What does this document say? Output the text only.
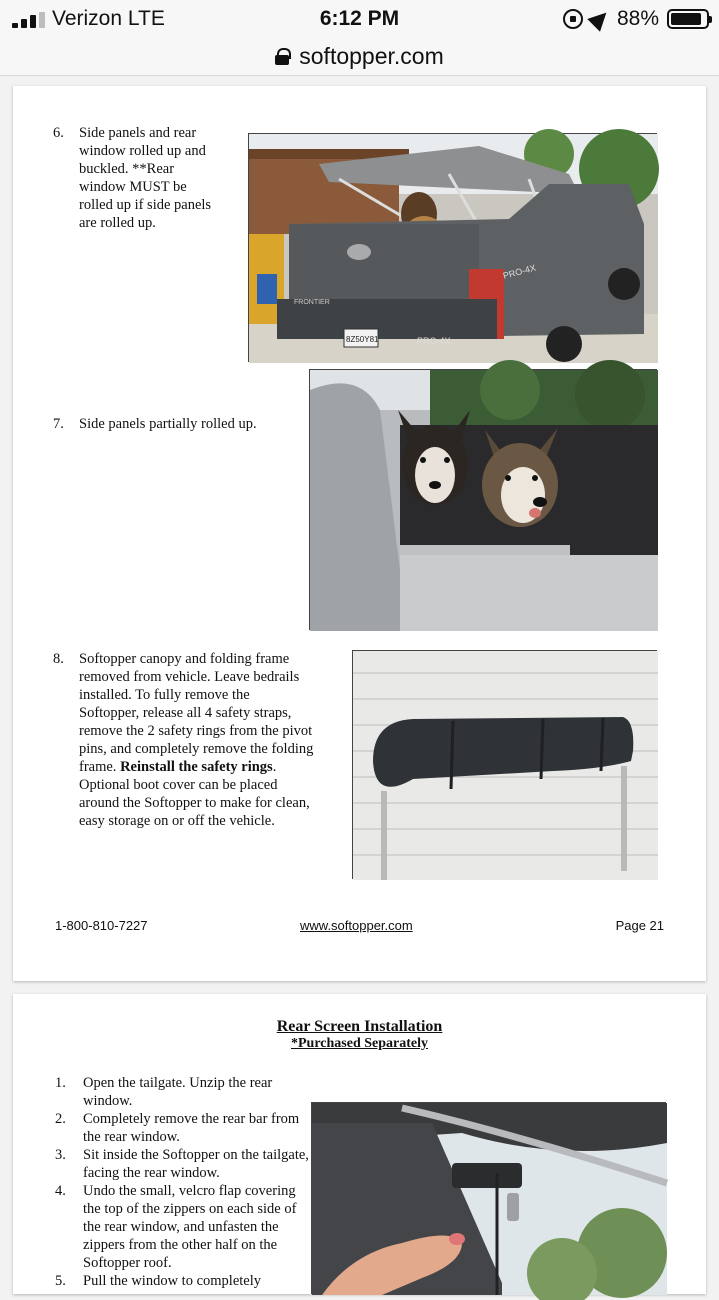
Verizon LTE	6:12 PM	88%
softopper.com
6. Side panels and rear
window rolled up and
buckled. **Rear
window MUST be
rolled up if side panels
are rolled up.
8Z50Y81	PRO-4X
PRO-4X
FRONTIER
7. Side panels partially rolled up.
8. Softopper canopy and folding frame
removed from vehicle. Leave bedrails
installed. To fully remove the
Softopper, release all 4 safety straps,
remove the 2 safety rings from the pivot
pins, and completely remove the folding
frame. Reinstall the safety rings.
Optional boot cover can be placed
around the Softopper to make for clean,
easy storage on or off the vehicle.
1-800-810-7227	www.softopper.com	Page 21
Rear Screen Installation
*Purchased Separately
1. Open the tailgate. Unzip the rear window.
2. Completely remove the rear bar from the rear window.
3. Sit inside the Softopper on the tailgate, facing the rear window.
4. Undo the small, velcro flap covering the top of the zippers on each side of the rear window, and unfasten the zippers from the other half on the Softopper roof.
5. Pull the window to completely
